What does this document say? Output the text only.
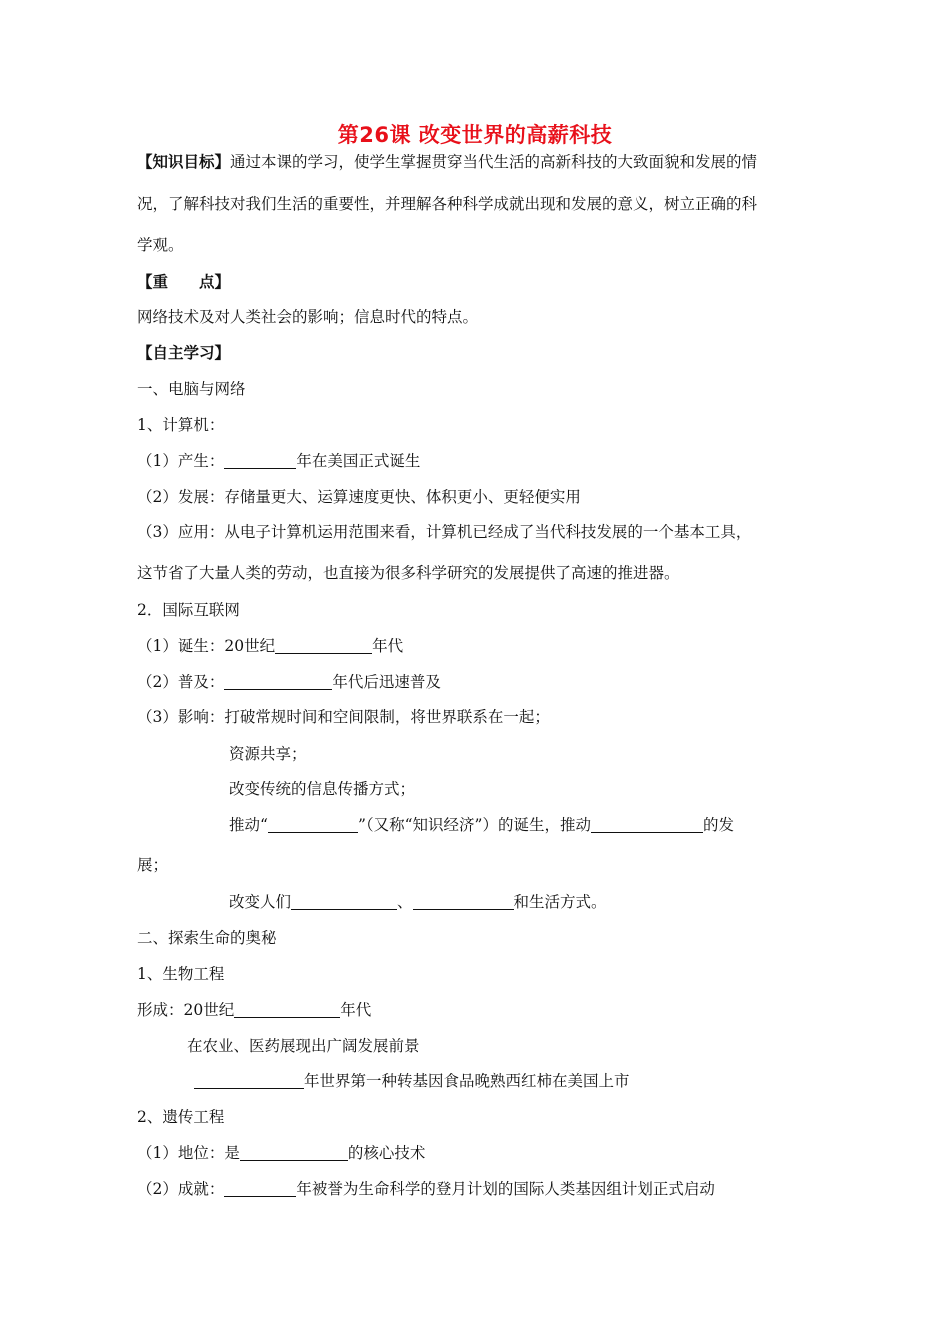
第26课 改变世界的高薪科技
【知识目标】通过本课的学习，使学生掌握贯穿当代生活的高新科技的大致面貌和发展的情
况，了解科技对我们生活的重要性，并理解各种科学成就出现和发展的意义，树立正确的科
学观。
【重　　点】
网络技术及对人类社会的影响；信息时代的特点。
【自主学习】
一、电脑与网络
1、计算机：
（1）产生：	年在美国正式诞生
（2）发展：存储量更大、运算速度更快、体积更小、更轻便实用
（3）应用：从电子计算机运用范围来看，计算机已经成了当代科技发展的一个基本工具，
这节省了大量人类的劳动，也直接为很多科学研究的发展提供了高速的推进器。
2．国际互联网
（1）诞生：20世纪	年代
（2）普及：	年代后迅速普及
（3）影响：打破常规时间和空间限制，将世界联系在一起；
资源共享；
改变传统的信息传播方式；
推动“	”（又称“知识经济”）的诞生，推动	的发
展；
改变人们	、	和生活方式。
二、探索生命的奥秘
1、生物工程
形成：20世纪	年代
在农业、医药展现出广阔发展前景
年世界第一种转基因食品晚熟西红柿在美国上市
2、遗传工程
（1）地位：是	的核心技术
（2）成就：	年被誉为生命科学的登月计划的国际人类基因组计划正式启动
